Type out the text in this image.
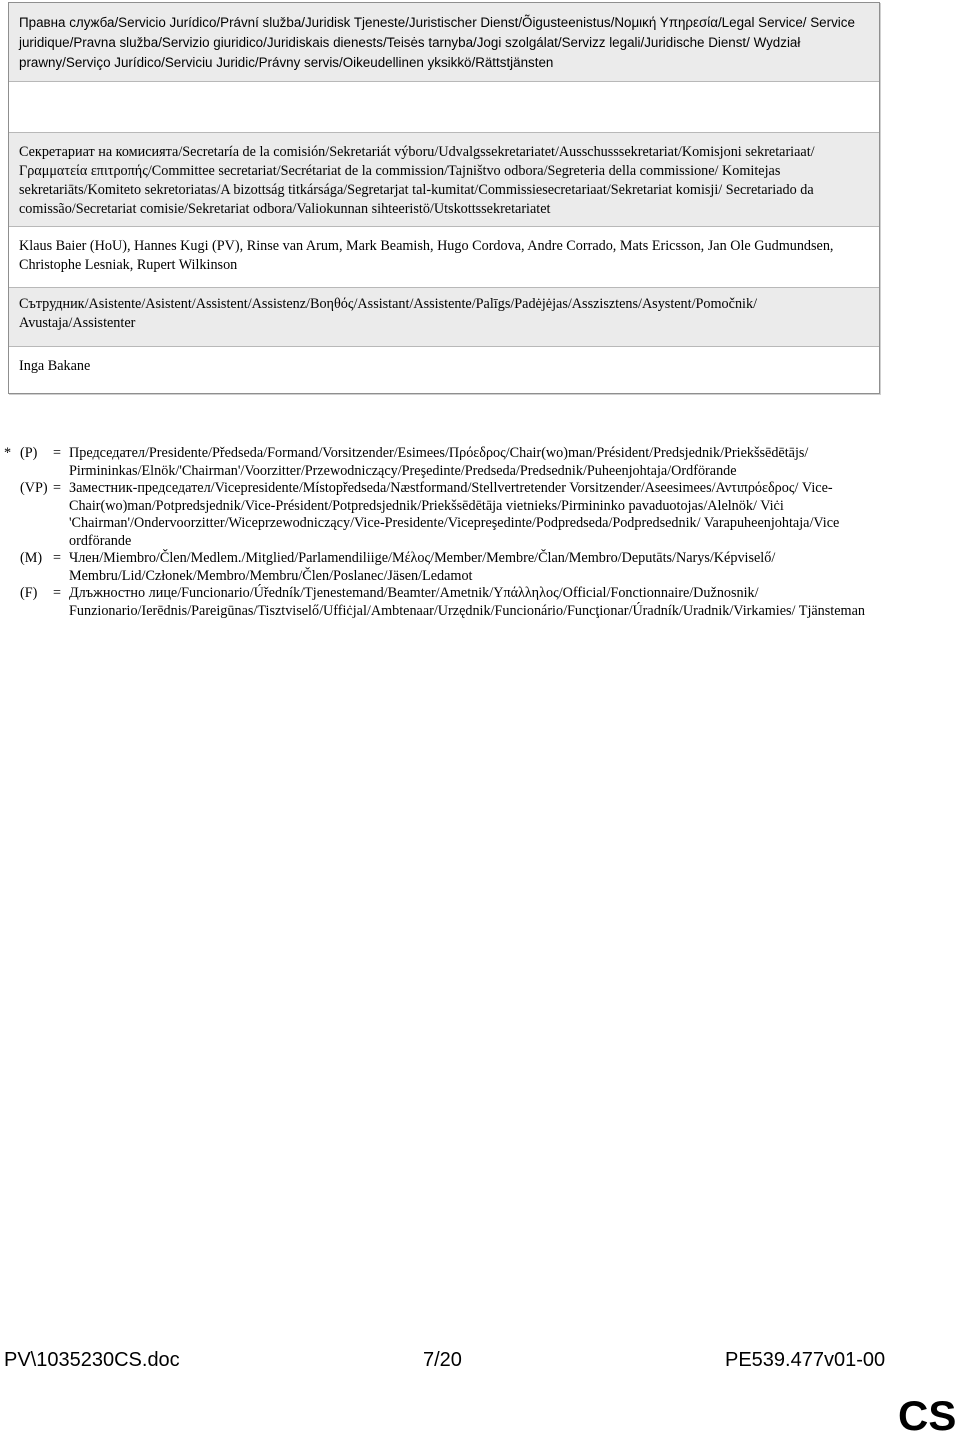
Правна служба/Servicio Jurídico/Právní služba/Juridisk Tjeneste/Juristischer Dienst/Õigusteenistus/Νομική Υπηρεσία/Legal Service/ Service juridique/Pravna služba/Servizio giuridico/Juridiskais dienests/Teisės tarnyba/Jogi szolgálat/Servizz legali/Juridische Dienst/ Wydział prawny/Serviço Jurídico/Serviciu Juridic/Právny servis/Oikeudellinen yksikkö/Rättstjänsten
Секретариат на комисията/Secretaría de la comisión/Sekretariát výboru/Udvalgssekretariatet/Ausschusssekretariat/Komisjoni sekretariaat/Γραμματεία επιτροπής/Committee secretariat/Secrétariat de la commission/Tajništvo odbora/Segreteria della commissione/ Komitejas sekretariāts/Komiteto sekretoriatas/A bizottság titkársága/Segretarjat tal-kumitat/Commissiesecretariaat/Sekretariat komisji/ Secretariado da comissão/Secretariat comisie/Sekretariat odbora/Valiokunnan sihteeristö/Utskottssekretariatet
Klaus Baier (HoU), Hannes Kugi (PV), Rinse van Arum, Mark Beamish, Hugo Cordova, Andre Corrado, Mats Ericsson, Jan Ole Gudmundsen, Christophe Lesniak, Rupert Wilkinson
Сътрудник/Asistente/Asistent/Assistent/Assistenz/Βοηθός/Assistant/Assistente/Palīgs/Padėjėjas/Asszisztens/Asystent/Pomočnik/ Avustaja/Assistenter
Inga Bakane
* (P)	= Председател/Presidente/Předseda/Formand/Vorsitzender/Esimees/Πρόεδρος/Chair(wo)man/Président/Predsjednik/Priekšsēdētājs/ Pirmininkas/Elnök/'Chairman'/Voorzitter/Przewodniczący/Preşedinte/Predseda/Predsednik/Puheenjohtaja/Ordförande
(VP) = Заместник-председател/Vicepresidente/Místopředseda/Næstformand/Stellvertretender Vorsitzender/Aseesimees/Αντιπρόεδρος/ Vice-Chair(wo)man/Potpredsjednik/Vice-Président/Potpredsjednik/Priekšsēdētāja vietnieks/Pirmininko pavaduotojas/Alelnök/ Viċi 'Chairman'/Ondervoorzitter/Wiceprzewodniczący/Vice-Presidente/Vicepreşedinte/Podpredseda/Podpredsednik/ Varapuheenjohtaja/Vice ordförande
(M) = Член/Miembro/Člen/Medlem./Mitglied/Parlamendiliige/Μέλος/Member/Membre/Član/Membro/Deputāts/Narys/Képviselő/ Membru/Lid/Członek/Membro/Membru/Člen/Poslanec/Jäsen/Ledamot
(F)	= Длъжностно лице/Funcionario/Úředník/Tjenestemand/Beamter/Ametnik/Υπάλληλος/Official/Fonctionnaire/Dužnosnik/ Funzionario/Ierēdnis/Pareigūnas/Tisztviselő/Uffiċjal/Ambtenaar/Urzędnik/Funcionário/Funcţionar/Úradník/Uradnik/Virkamies/ Tjänsteman
PV\1035230CS.doc	7/20	PE539.477v01-00
CS
